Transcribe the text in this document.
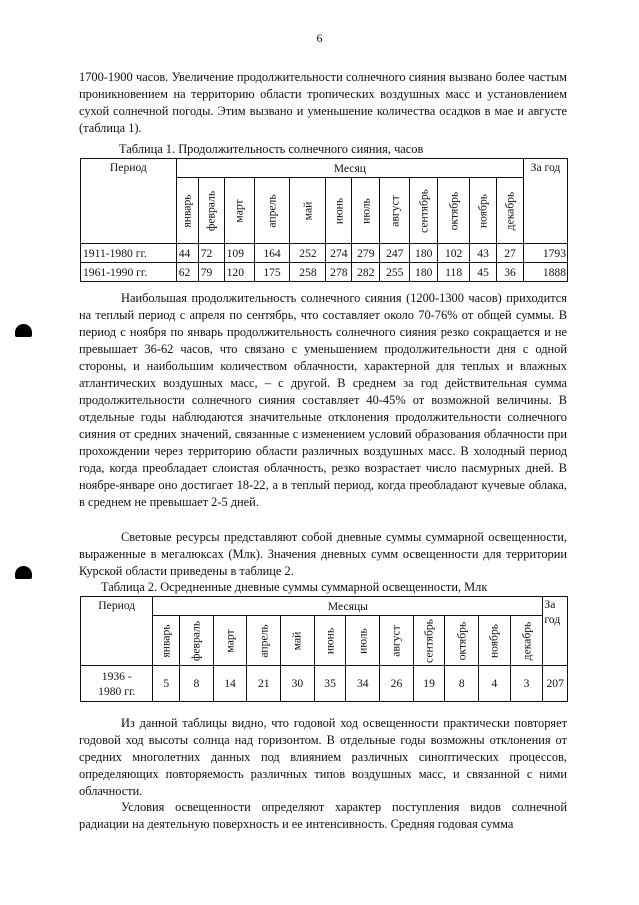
6

1700-1900 часов. Увеличение продолжительности солнечного сияния вызвано более частым проникновением на территорию области тропических воздушных масс и установлением сухой солнечной погоды. Этим вызвано и уменьшение количества осадков в мае и августе (таблица 1).

Таблица 1. Продолжительность солнечного сияния, часов
Период	Месяц												За год

	январь	февраль	март	апрель	май	июнь	июль	август	сентябрь	октябрь	ноябрь	декабрь	

1911-1980 гг.	44	72	109	164	252	274	279	247	180	102	43	27	1793
1961-1990 гг.	62	79	120	175	258	278	282	255	180	118	45	36	1888

Наибольшая продолжительность солнечного сияния (1200-1300 часов) приходится на теплый период с апреля по сентябрь, что составляет около 70-76% от общей суммы. В период с ноября по январь продолжительность солнечного сияния резко сокращается и не превышает 36-62 часов, что связано с уменьшением продолжительности дня с одной стороны, и наибольшим количеством облачности, характерной для теплых и влажных атлантических воздушных масс, – с другой. В среднем за год действительная сумма продолжительности солнечного сияния составляет 40-45% от возможной величины. В отдельные годы наблюдаются значительные отклонения продолжительности солнечного сияния от средних значений, связанные с изменением условий образования облачности при прохождении через территорию области различных воздушных масс. В холодный период года, когда преобладает слоистая облачность, резко возрастает число пасмурных дней. В ноябре-январе оно достигает 18-22, а в теплый период, когда преобладают кучевые облака, в среднем не превышает 2-5 дней.

Световые ресурсы представляют собой дневные суммы суммарной освещенности, выраженные в мегалюксах (Млк). Значения дневных сумм освещенности для территории Курской области приведены в таблице 2.

Таблица 2. Осредненные дневные суммы суммарной освещенности, Млк
Период	Месяцы												За
год

	январь	февраль	март	апрель	май	июнь	июль	август	сентябрь	октябрь	ноябрь	декабрь	

1936 -
1980 гг.	5	8	14	21	30	35	34	26	19	8	4	3	207

Из данной таблицы видно, что годовой ход освещенности практически повторяет годовой ход высоты солнца над горизонтом. В отдельные годы возможны отклонения от средних многолетних данных под влиянием различных синоптических процессов, определяющих повторяемость различных типов воздушных масс, и связанной с ними облачности.

Условия освещенности определяют характер поступления видов солнечной радиации на деятельную поверхность и ее интенсивность. Средняя годовая сумма
